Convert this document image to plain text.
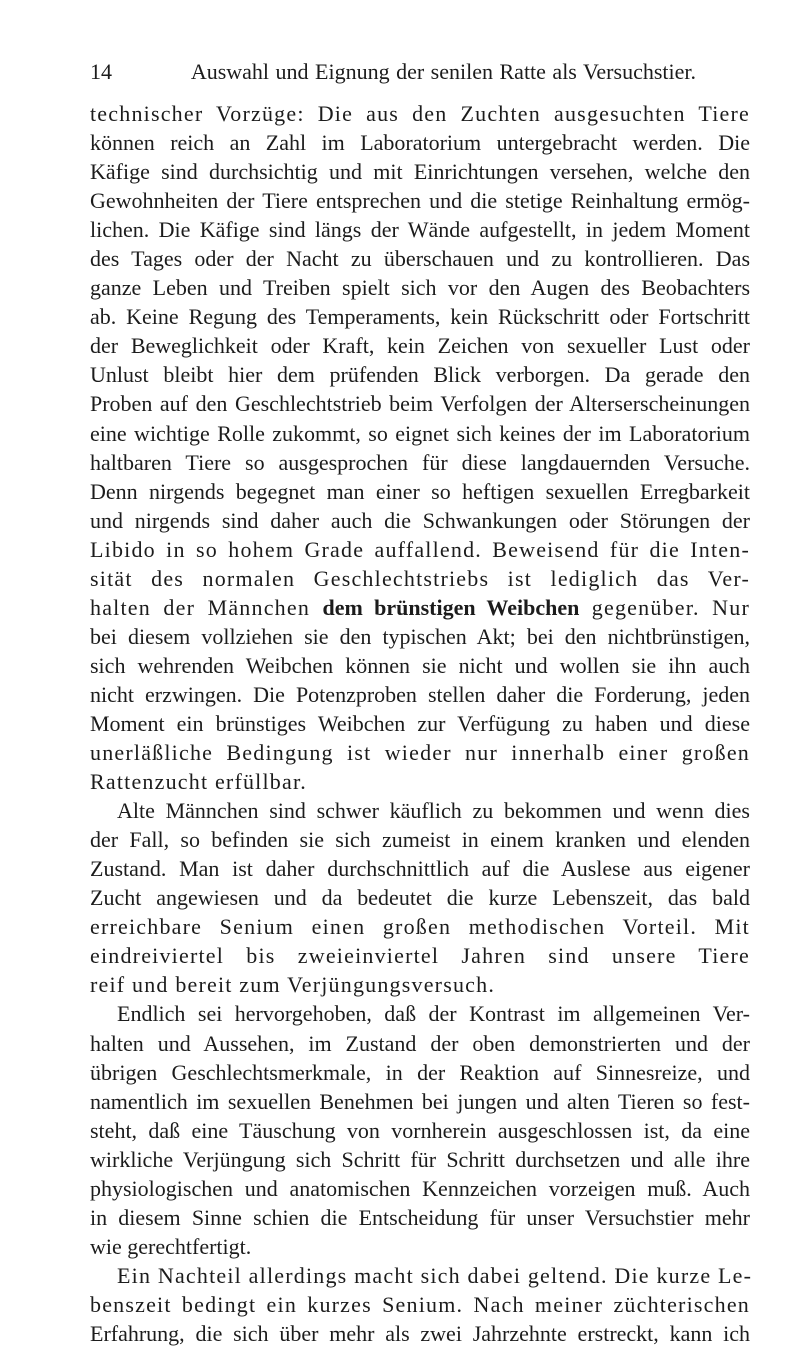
14	Auswahl und Eignung der senilen Ratte als Versuchstier.
technischer Vorzüge: Die aus den Zuchten ausgesuchten Tiere
können reich an Zahl im Laboratorium untergebracht werden. Die
Käfige sind durchsichtig und mit Einrichtungen versehen, welche den
Gewohnheiten der Tiere entsprechen und die stetige Reinhaltung ermög-
lichen. Die Käfige sind längs der Wände aufgestellt, in jedem Moment
des Tages oder der Nacht zu überschauen und zu kontrollieren. Das
ganze Leben und Treiben spielt sich vor den Augen des Beobachters
ab. Keine Regung des Temperaments, kein Rückschritt oder Fortschritt
der Beweglichkeit oder Kraft, kein Zeichen von sexueller Lust oder
Unlust bleibt hier dem prüfenden Blick verborgen. Da gerade den
Proben auf den Geschlechtstrieb beim Verfolgen der Alterserscheinungen
eine wichtige Rolle zukommt, so eignet sich keines der im Laboratorium
haltbaren Tiere so ausgesprochen für diese langdauernden Versuche.
Denn nirgends begegnet man einer so heftigen sexuellen Erregbarkeit
und nirgends sind daher auch die Schwankungen oder Störungen der
Libido in so hohem Grade auffallend. Beweisend für die Inten-
sität des normalen Geschlechtstriebs ist lediglich das Ver-
halten der Männchen dem brünstigen Weibchen gegenüber. Nur
bei diesem vollziehen sie den typischen Akt; bei den nichtbrünstigen,
sich wehrenden Weibchen können sie nicht und wollen sie ihn auch
nicht erzwingen. Die Potenzproben stellen daher die Forderung, jeden
Moment ein brünstiges Weibchen zur Verfügung zu haben und diese
unerläßliche Bedingung ist wieder nur innerhalb einer großen
Rattenzucht erfüllbar.
Alte Männchen sind schwer käuflich zu bekommen und wenn dies
der Fall, so befinden sie sich zumeist in einem kranken und elenden
Zustand. Man ist daher durchschnittlich auf die Auslese aus eigener
Zucht angewiesen und da bedeutet die kurze Lebenszeit, das bald
erreichbare Senium einen großen methodischen Vorteil. Mit
eindreiviertel bis zweieinviertel Jahren sind unsere Tiere
reif und bereit zum Verjüngungsversuch.
Endlich sei hervorgehoben, daß der Kontrast im allgemeinen Ver-
halten und Aussehen, im Zustand der oben demonstrierten und der
übrigen Geschlechtsmerkmale, in der Reaktion auf Sinnesreize, und
namentlich im sexuellen Benehmen bei jungen und alten Tieren so fest-
steht, daß eine Täuschung von vornherein ausgeschlossen ist, da eine
wirkliche Verjüngung sich Schritt für Schritt durchsetzen und alle ihre
physiologischen und anatomischen Kennzeichen vorzeigen muß. Auch
in diesem Sinne schien die Entscheidung für unser Versuchstier mehr
wie gerechtfertigt.
Ein Nachteil allerdings macht sich dabei geltend. Die kurze Le-
benszeit bedingt ein kurzes Senium. Nach meiner züchterischen
Erfahrung, die sich über mehr als zwei Jahrzehnte erstreckt, kann ich
